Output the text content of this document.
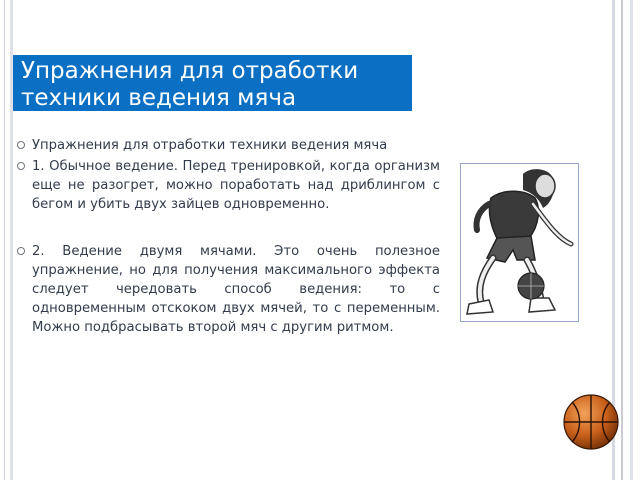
Упражнения для отработки техники ведения мяча
Упражнения для отработки техники ведения мяча
1. Обычное ведение. Перед тренировкой, когда организм еще не разогрет, можно поработать над дриблингом с бегом и убить двух зайцев одновременно.
2. Ведение двумя мячами. Это очень полезное упражнение, но для получения максимального эффекта следует чередовать способ ведения: то с одновременным отскоком двух мячей, то с переменным. Можно подбрасывать второй мяч с другим ритмом.
